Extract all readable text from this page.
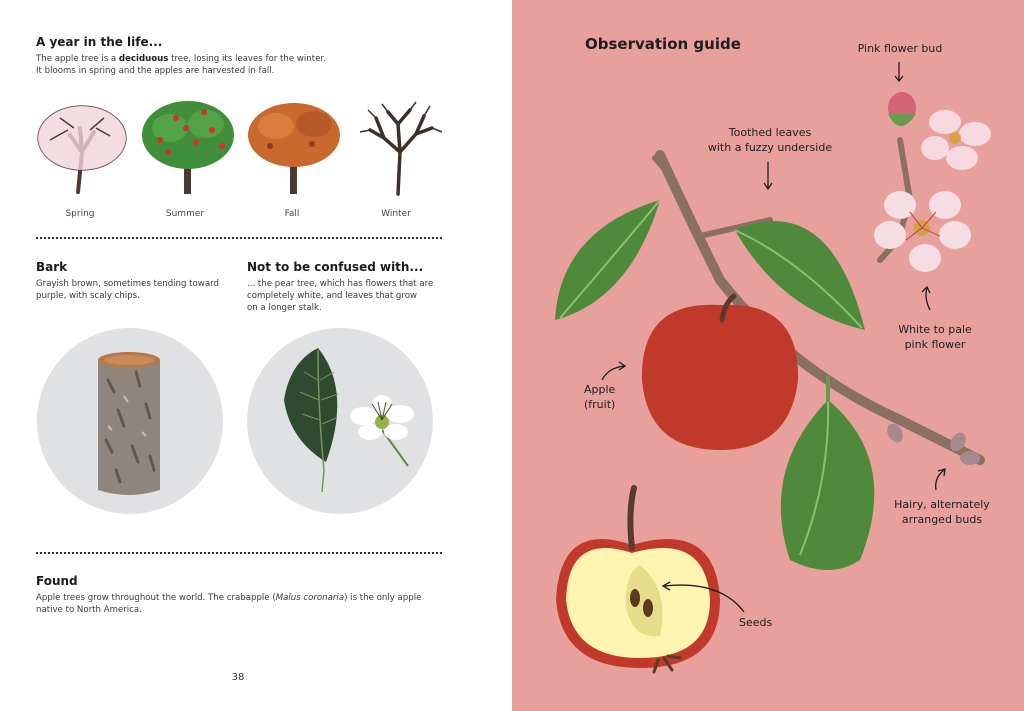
A year in the life...
The apple tree is a deciduous tree, losing its leaves for the winter.
It blooms in spring and the apples are harvested in fall.
Spring	Summer	Fall	Winter
Bark
Grayish brown, sometimes tending toward
purple, with scaly chips.
Not to be confused with...
... the pear tree, which has flowers that are
completely white, and leaves that grow
on a longer stalk.
Found
Apple trees grow throughout the world. The crabapple (Malus coronaria) is the only apple
native to North America.
38
Observation guide	Pink flower bud
Toothed leaves
with a fuzzy underside
Apple
(fruit)
White to pale
pink flower
Hairy, alternately
arranged buds
Seeds
